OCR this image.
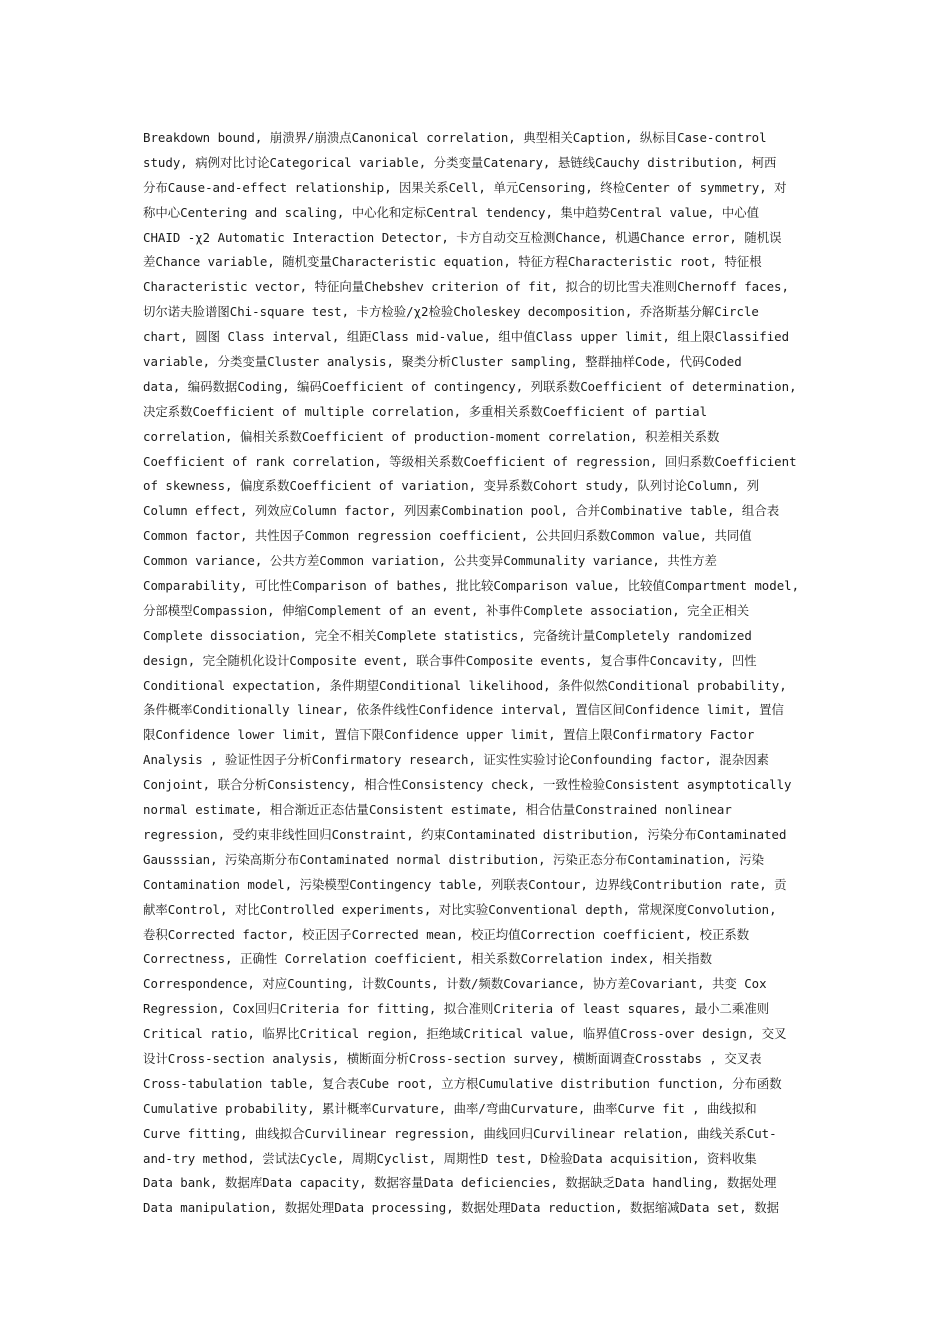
Breakdown bound, 崩溃界/崩溃点Canonical correlation, 典型相关Caption, 纵标目Case-control
study, 病例对比讨论Categorical variable, 分类变量Catenary, 悬链线Cauchy distribution, 柯西
分布Cause-and-effect relationship, 因果关系Cell, 单元Censoring, 终检Center of symmetry, 对
称中心Centering and scaling, 中心化和定标Central tendency, 集中趋势Central value, 中心值
CHAID -χ2 Automatic Interaction Detector, 卡方自动交互检测Chance, 机遇Chance error, 随机误
差Chance variable, 随机变量Characteristic equation, 特征方程Characteristic root, 特征根
Characteristic vector, 特征向量Chebshev criterion of fit, 拟合的切比雪夫准则Chernoff faces,
切尔诺夫脸谱图Chi-square test, 卡方检验/χ2检验Choleskey decomposition, 乔洛斯基分解Circle
chart, 圆图 Class interval, 组距Class mid-value, 组中值Class upper limit, 组上限Classified
variable, 分类变量Cluster analysis, 聚类分析Cluster sampling, 整群抽样Code, 代码Coded
data, 编码数据Coding, 编码Coefficient of contingency, 列联系数Coefficient of determination,
决定系数Coefficient of multiple correlation, 多重相关系数Coefficient of partial
correlation, 偏相关系数Coefficient of production-moment correlation, 积差相关系数
Coefficient of rank correlation, 等级相关系数Coefficient of regression, 回归系数Coefficient
of skewness, 偏度系数Coefficient of variation, 变异系数Cohort study, 队列讨论Column, 列
Column effect, 列效应Column factor, 列因素Combination pool, 合并Combinative table, 组合表
Common factor, 共性因子Common regression coefficient, 公共回归系数Common value, 共同值
Common variance, 公共方差Common variation, 公共变异Communality variance, 共性方差
Comparability, 可比性Comparison of bathes, 批比较Comparison value, 比较值Compartment model,
分部模型Compassion, 伸缩Complement of an event, 补事件Complete association, 完全正相关
Complete dissociation, 完全不相关Complete statistics, 完备统计量Completely randomized
design, 完全随机化设计Composite event, 联合事件Composite events, 复合事件Concavity, 凹性
Conditional expectation, 条件期望Conditional likelihood, 条件似然Conditional probability,
条件概率Conditionally linear, 依条件线性Confidence interval, 置信区间Confidence limit, 置信
限Confidence lower limit, 置信下限Confidence upper limit, 置信上限Confirmatory Factor
Analysis , 验证性因子分析Confirmatory research, 证实性实验讨论Confounding factor, 混杂因素
Conjoint, 联合分析Consistency, 相合性Consistency check, 一致性检验Consistent asymptotically
normal estimate, 相合渐近正态估量Consistent estimate, 相合估量Constrained nonlinear
regression, 受约束非线性回归Constraint, 约束Contaminated distribution, 污染分布Contaminated
Gausssian, 污染高斯分布Contaminated normal distribution, 污染正态分布Contamination, 污染
Contamination model, 污染模型Contingency table, 列联表Contour, 边界线Contribution rate, 贡
献率Control, 对比Controlled experiments, 对比实验Conventional depth, 常规深度Convolution,
卷积Corrected factor, 校正因子Corrected mean, 校正均值Correction coefficient, 校正系数
Correctness, 正确性 Correlation coefficient, 相关系数Correlation index, 相关指数
Correspondence, 对应Counting, 计数Counts, 计数/频数Covariance, 协方差Covariant, 共变 Cox
Regression, Cox回归Criteria for fitting, 拟合准则Criteria of least squares, 最小二乘准则
Critical ratio, 临界比Critical region, 拒绝域Critical value, 临界值Cross-over design, 交叉
设计Cross-section analysis, 横断面分析Cross-section survey, 横断面调查Crosstabs , 交叉表
Cross-tabulation table, 复合表Cube root, 立方根Cumulative distribution function, 分布函数
Cumulative probability, 累计概率Curvature, 曲率/弯曲Curvature, 曲率Curve fit , 曲线拟和
Curve fitting, 曲线拟合Curvilinear regression, 曲线回归Curvilinear relation, 曲线关系Cut-
and-try method, 尝试法Cycle, 周期Cyclist, 周期性D test, D检验Data acquisition, 资料收集
Data bank, 数据库Data capacity, 数据容量Data deficiencies, 数据缺乏Data handling, 数据处理
Data manipulation, 数据处理Data processing, 数据处理Data reduction, 数据缩减Data set, 数据
